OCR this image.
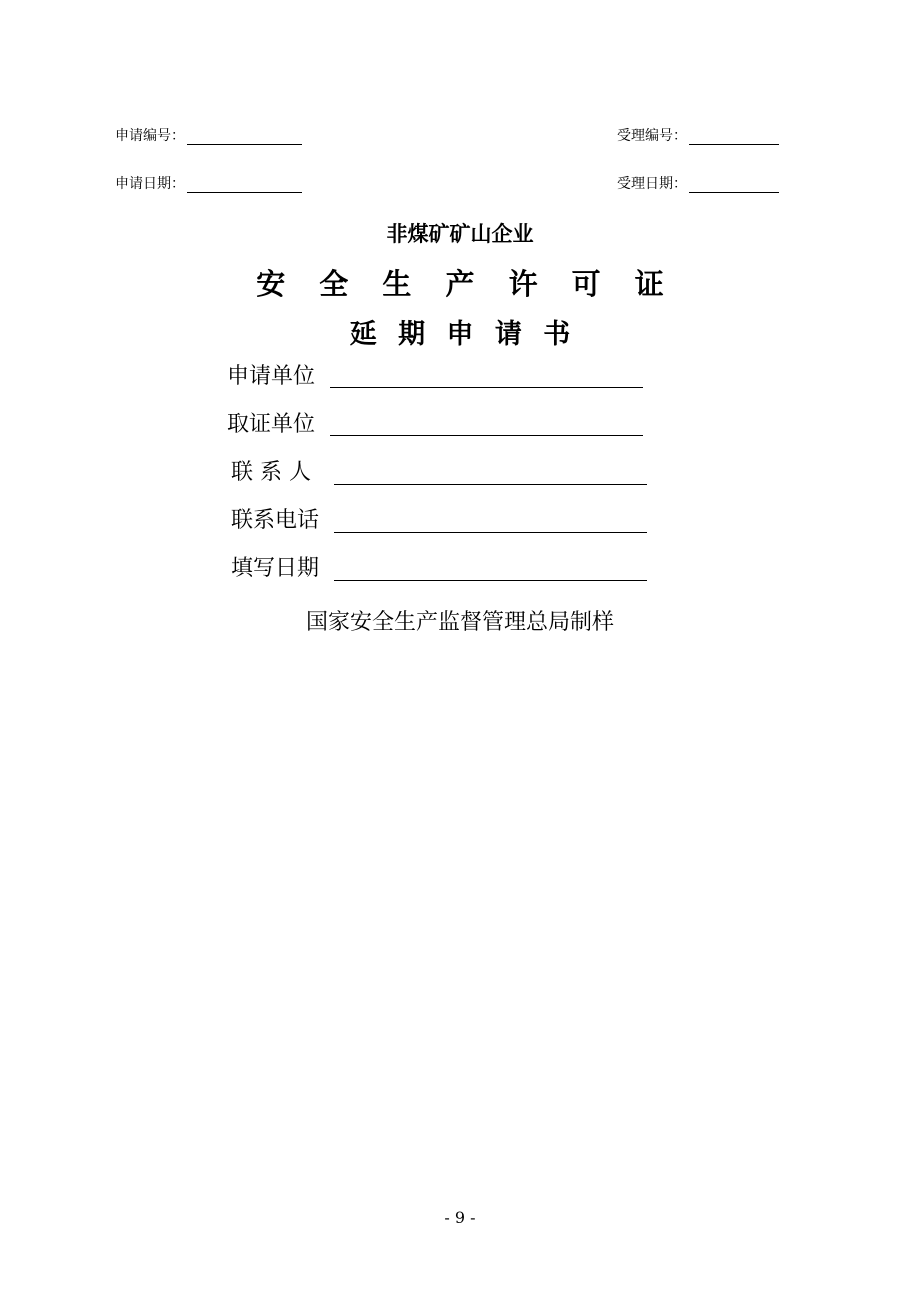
申请编号：	受理编号：
申请日期：	受理日期：
非煤矿矿山企业
安 全 生 产 许 可 证
延 期 申 请 书
申请单位
取证单位
联 系 人
联系电话
填写日期
国家安全生产监督管理总局制样
- 9 -
